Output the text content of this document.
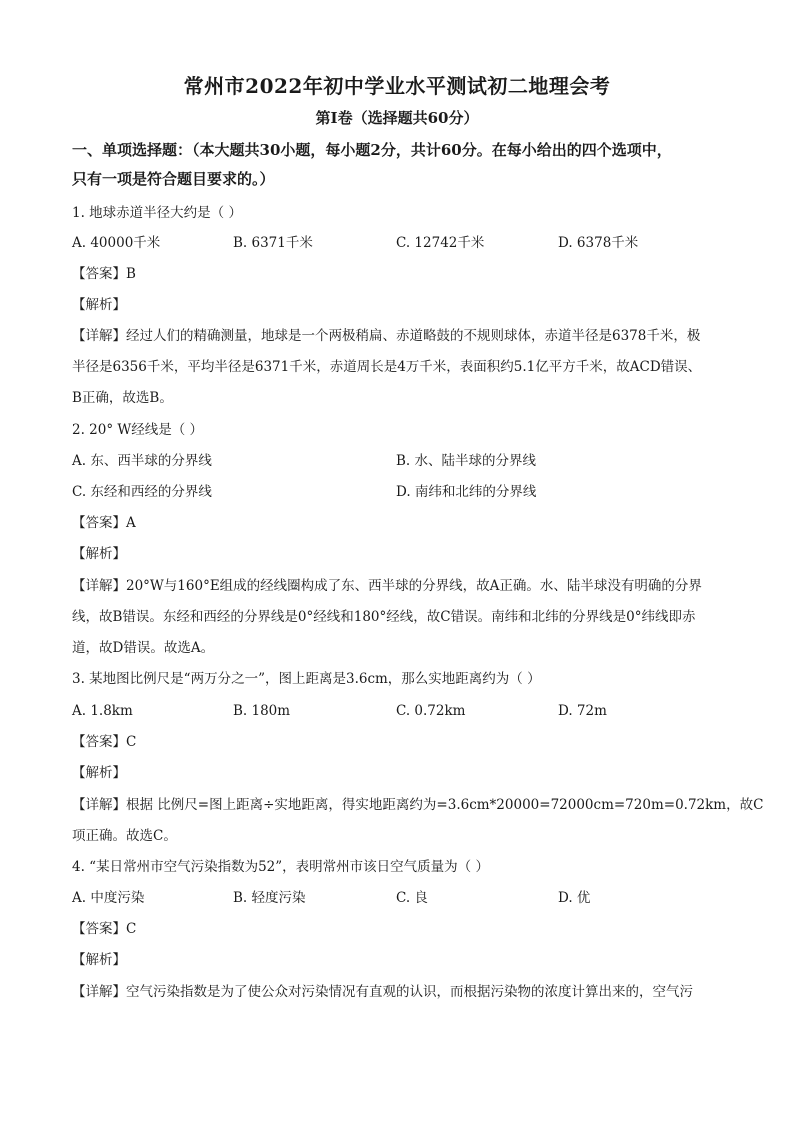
常州市2022年初中学业水平测试初二地理会考
第Ⅰ卷（选择题共60分）
一、单项选择题：（本大题共30小题，每小题2分，共计60分。在每小给出的四个选项中，
只有一项是符合题目要求的。）
1. 地球赤道半径大约是（ ）
A. 40000千米	B. 6371千米	C. 12742千米	D. 6378千米
【答案】B
【解析】
【详解】经过人们的精确测量，地球是一个两极稍扁、赤道略鼓的不规则球体，赤道半径是6378千米，极
半径是6356千米，平均半径是6371千米，赤道周长是4万千米，表面积约5.1亿平方千米，故ACD错误、
B正确，故选B。
2. 20° W经线是（ ）
A. 东、西半球的分界线	B. 水、陆半球的分界线
C. 东经和西经的分界线	D. 南纬和北纬的分界线
【答案】A
【解析】
【详解】20°W与160°E组成的经线圈构成了东、西半球的分界线，故A正确。水、陆半球没有明确的分界
线，故B错误。东经和西经的分界线是0°经线和180°经线，故C错误。南纬和北纬的分界线是0°纬线即赤
道，故D错误。故选A。
3. 某地图比例尺是“两万分之一”，图上距离是3.6cm，那么实地距离约为（ ）
A. 1.8km	B. 180m	C. 0.72km	D. 72m
【答案】C
【解析】
【详解】根据 比例尺=图上距离÷实地距离，得实地距离约为=3.6cm*20000=72000cm=720m=0.72km，故C
项正确。故选C。
4. “某日常州市空气污染指数为52”，表明常州市该日空气质量为（ ）
A. 中度污染	B. 轻度污染	C. 良	D. 优
【答案】C
【解析】
【详解】空气污染指数是为了使公众对污染情况有直观的认识，而根据污染物的浓度计算出来的，空气污
